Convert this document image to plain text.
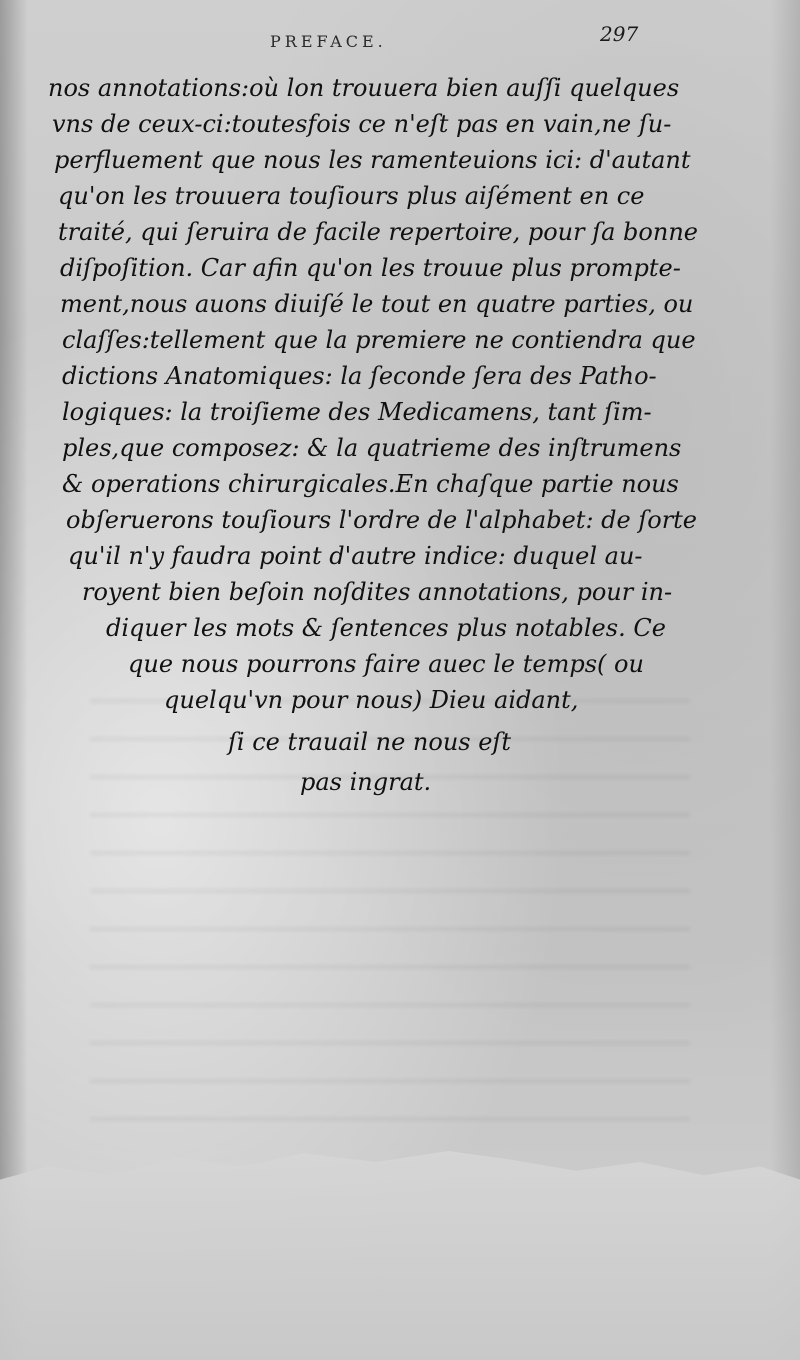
PREFACE.	297
nos annotations:où lon trouuera bien auſſi quelques
vns de ceux-ci:toutesfois ce n'eſt pas en vain,ne ſu-
perfluement que nous les ramenteuions ici: d'autant
qu'on les trouuera touſiours plus aiſément en ce
traité, qui ſeruira de facile repertoire, pour ſa bonne
diſpoſition. Car afin qu'on les trouue plus prompte-
ment,nous auons diuiſé le tout en quatre parties, ou
claſſes:tellement que la premiere ne contiendra que
dictions Anatomiques: la ſeconde ſera des Patho-
logiques: la troiſieme des Medicamens, tant ſim-
ples,que composez: & la quatrieme des inſtrumens
& operations chirurgicales.En chaſque partie nous
obſeruerons touſiours l'ordre de l'alphabet: de ſorte
qu'il n'y faudra point d'autre indice: duquel au-
royent bien beſoin noſdites annotations, pour in-
diquer les mots & ſentences plus notables. Ce
que nous pourrons faire auec le temps( ou
quelqu'vn pour nous) Dieu aidant,
ſi ce trauail ne nous eſt
pas ingrat.
